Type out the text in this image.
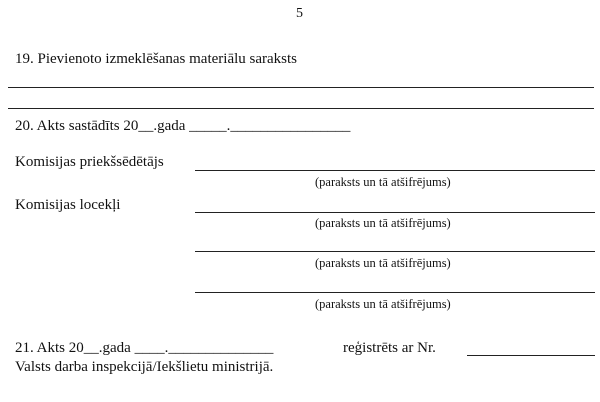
5
19. Pievienoto izmeklēšanas materiālu saraksts
20. Akts sastādīts 20__.gada _____.________________
Komisijas priekšsēdētājs
(paraksts un tā atšifrējums)
Komisijas locekļi
(paraksts un tā atšifrējums)
(paraksts un tā atšifrējums)
(paraksts un tā atšifrējums)
21. Akts 20__.gada ____.______________	reģistrēts ar Nr.
Valsts darba inspekcijā/Iekšlietu ministrijā.
